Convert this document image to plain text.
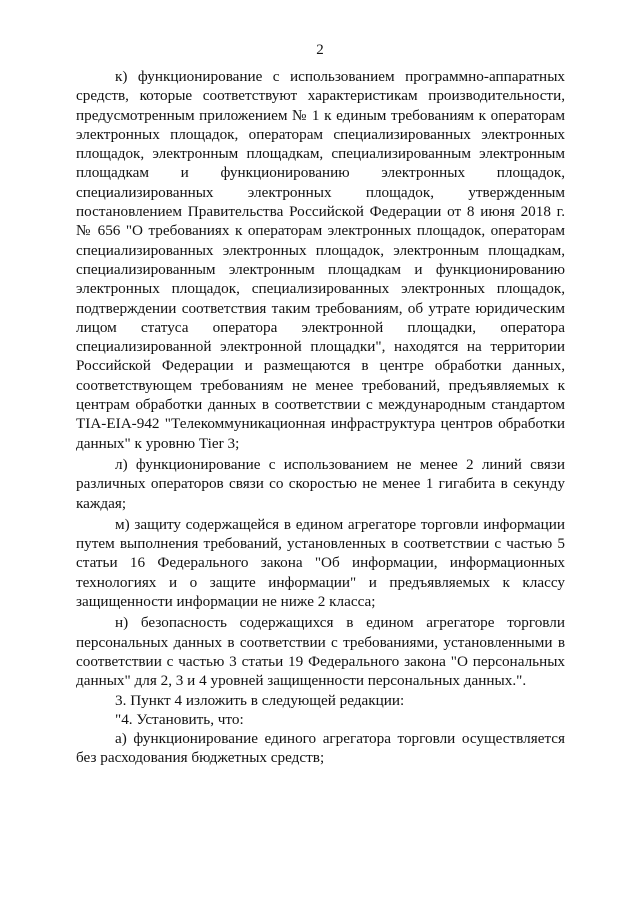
2

к) функционирование с использованием программно-аппаратных средств, которые соответствуют характеристикам производительности, предусмотренным приложением № 1 к единым требованиям к операторам электронных площадок, операторам специализированных электронных площадок, электронным площадкам, специализированным электронным площадкам и функционированию электронных площадок, специализированных электронных площадок, утвержденным постановлением Правительства Российской Федерации от 8 июня 2018 г. № 656 "О требованиях к операторам электронных площадок, операторам специализированных электронных площадок, электронным площадкам, специализированным электронным площадкам и функционированию электронных площадок, специализированных электронных площадок, подтверждении соответствия таким требованиям, об утрате юридическим лицом статуса оператора электронной площадки, оператора специализированной электронной площадки", находятся на территории Российской Федерации и размещаются в центре обработки данных, соответствующем требованиям не менее требований, предъявляемых к центрам обработки данных в соответствии с международным стандартом TIA-EIA-942 "Телекоммуникационная инфраструктура центров обработки данных" к уровню Tier 3;

л) функционирование с использованием не менее 2 линий связи различных операторов связи со скоростью не менее 1 гигабита в секунду каждая;

м) защиту содержащейся в едином агрегаторе торговли информации путем выполнения требований, установленных в соответствии с частью 5 статьи 16 Федерального закона "Об информации, информационных технологиях и о защите информации" и предъявляемых к классу защищенности информации не ниже 2 класса;

н) безопасность содержащихся в едином агрегаторе торговли персональных данных в соответствии с требованиями, установленными в соответствии с частью 3 статьи 19 Федерального закона "О персональных данных" для 2, 3 и 4 уровней защищенности персональных данных.".

3. Пункт 4 изложить в следующей редакции:

"4. Установить, что:

а) функционирование единого агрегатора торговли осуществляется без расходования бюджетных средств;
